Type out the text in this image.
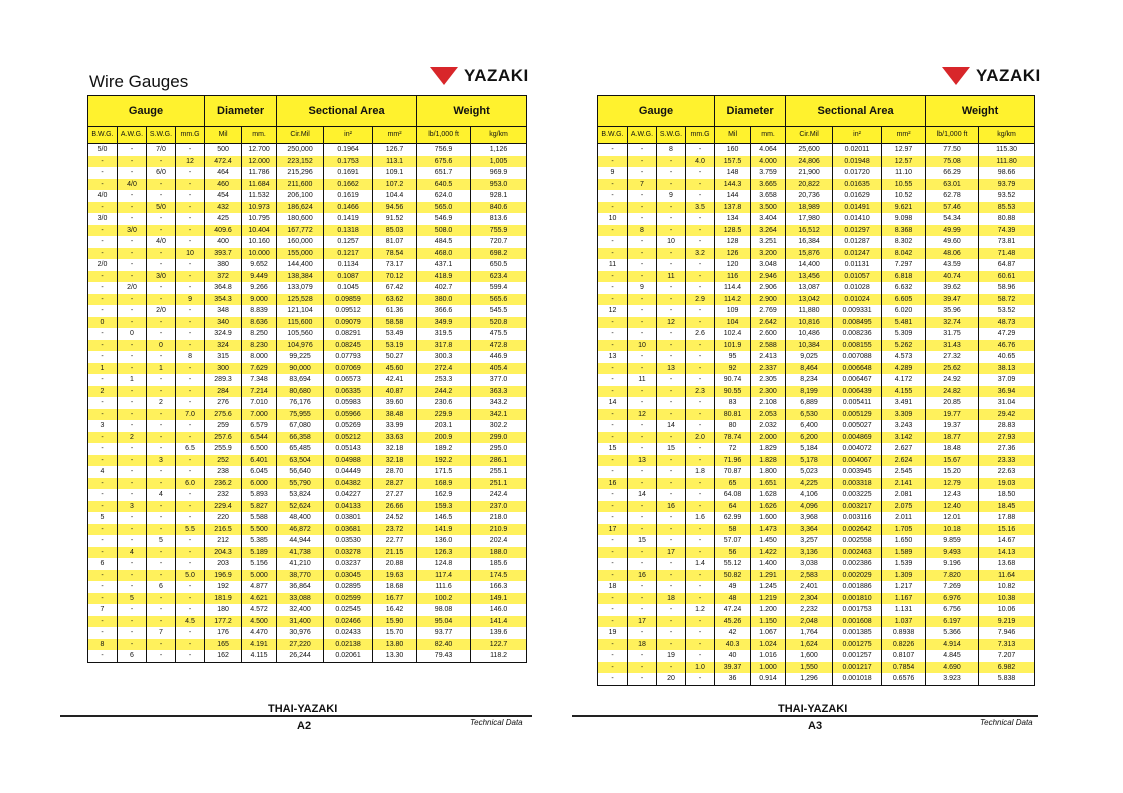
Wire Gauges	YAZAKI
Gauge				Diameter		Sectional Area			Weight	
B.W.G.	A.W.G.	S.W.G.	mm.G	Mil	mm.	Cir.Mil	in²	mm²	lb/1,000 ft	kg/km
5/0	-	7/0	-	500	12.700	250,000	0.1964	126.7	756.9	1,126
-	-	-	12	472.4	12.000	223,152	0.1753	113.1	675.6	1,005
-	-	6/0	-	464	11.786	215,296	0.1691	109.1	651.7	969.9
-	4/0	-	-	460	11.684	211,600	0.1662	107.2	640.5	953.0
4/0	-	-	-	454	11.532	206,100	0.1619	104.4	624.0	928.1
-	-	5/0	-	432	10.973	186,624	0.1466	94.56	565.0	840.6
3/0	-	-	-	425	10.795	180,600	0.1419	91.52	546.9	813.6
-	3/0	-	-	409.6	10.404	167,772	0.1318	85.03	508.0	755.9
-	-	4/0	-	400	10.160	160,000	0.1257	81.07	484.5	720.7
-	-	-	10	393.7	10.000	155,000	0.1217	78.54	468.0	698.2
2/0	-	-	-	380	9.652	144,400	0.1134	73.17	437.1	650.5
-	-	3/0	-	372	9.449	138,384	0.1087	70.12	418.9	623.4
-	2/0	-	-	364.8	9.266	133,079	0.1045	67.42	402.7	599.4
-	-	-	9	354.3	9.000	125,528	0.09859	63.62	380.0	565.6
-	-	2/0	-	348	8.839	121,104	0.09512	61.36	366.6	545.5
0	-	-	-	340	8.636	115,600	0.09079	58.58	349.9	520.8
-	0	-	-	324.9	8.250	105,560	0.08291	53.49	319.5	475.5
-	-	0	-	324	8.230	104,976	0.08245	53.19	317.8	472.8
-	-	-	8	315	8.000	99,225	0.07793	50.27	300.3	446.9
1	-	1	-	300	7.629	90,000	0.07069	45.60	272.4	405.4
-	1	-	-	289.3	7.348	83,694	0.06573	42.41	253.3	377.0
2	-	-	-	284	7.214	80,680	0.06335	40.87	244.2	363.3
-	-	2	-	276	7.010	76,176	0.05983	39.60	230.6	343.2
-	-	-	7.0	275.6	7.000	75,955	0.05966	38.48	229.9	342.1
3	-	-	-	259	6.579	67,080	0.05269	33.99	203.1	302.2
-	2	-	-	257.6	6.544	66,358	0.05212	33.63	200.9	299.0
-	-	-	6.5	255.9	6.500	65,485	0.05143	32.18	189.2	295.0
-	-	3	-	252	6.401	63,504	0.04988	32.18	192.2	286.1
4	-	-	-	238	6.045	56,640	0.04449	28.70	171.5	255.1
-	-	-	6.0	236.2	6.000	55,790	0.04382	28.27	168.9	251.1
-	-	4	-	232	5.893	53,824	0.04227	27.27	162.9	242.4
-	3	-	-	229.4	5.827	52,624	0.04133	26.66	159.3	237.0
5	-	-	-	220	5.588	48,400	0.03801	24.52	146.5	218.0
-	-	-	5.5	216.5	5.500	46,872	0.03681	23.72	141.9	210.9
-	-	5	-	212	5.385	44,944	0.03530	22.77	136.0	202.4
-	4	-	-	204.3	5.189	41,738	0.03278	21.15	126.3	188.0
6	-	-	-	203	5.156	41,210	0.03237	20.88	124.8	185.6
-	-	-	5.0	196.9	5.000	38,770	0.03045	19.63	117.4	174.5
-	-	6	-	192	4.877	36,864	0.02895	18.68	111.6	166.3
-	5	-	-	181.9	4.621	33,088	0.02599	16.77	100.2	149.1
7	-	-	-	180	4.572	32,400	0.02545	16.42	98.08	146.0
-	-	-	4.5	177.2	4.500	31,400	0.02466	15.90	95.04	141.4
-	-	7	-	176	4.470	30,976	0.02433	15.70	93.77	139.6
8	-	-	-	165	4.191	27,220	0.02138	13.80	82.40	122.7
-	6	-	-	162	4.115	26,244	0.02061	13.30	79.43	118.2
THAI-YAZAKI
A2	Technical Data
YAZAKI
Gauge				Diameter		Sectional Area			Weight	
B.W.G.	A.W.G.	S.W.G.	mm.G	Mil	mm.	Cir.Mil	in²	mm²	lb/1,000 ft	kg/km
-	-	8	-	160	4.064	25,600	0.02011	12.97	77.50	115.30
-	-	-	4.0	157.5	4.000	24,806	0.01948	12.57	75.08	111.80
9	-	-	-	148	3.759	21,900	0.01720	11.10	66.29	98.66
-	7	-	-	144.3	3.665	20,822	0.01635	10.55	63.01	93.79
-	-	9	-	144	3.658	20,736	0.01629	10.52	62.78	93.52
-	-	-	3.5	137.8	3.500	18,989	0.01491	9.621	57.46	85.53
10	-	-	-	134	3.404	17,980	0.01410	9.098	54.34	80.88
-	8	-	-	128.5	3.264	16,512	0.01297	8.368	49.99	74.39
-	-	10	-	128	3.251	16,384	0.01287	8.302	49.60	73.81
-	-	-	3.2	126	3.200	15,876	0.01247	8.042	48.06	71.48
11	-	-	-	120	3.048	14,400	0.01131	7.297	43.59	64.87
-	-	11	-	116	2.946	13,456	0.01057	6.818	40.74	60.61
-	9	-	-	114.4	2.906	13,087	0.01028	6.632	39.62	58.96
-	-	-	2.9	114.2	2.900	13,042	0.01024	6.605	39.47	58.72
12	-	-	-	109	2.769	11,880	0.009331	6.020	35.96	53.52
-	-	12	-	104	2.642	10,816	0.008495	5.481	32.74	48.73
-	-	-	2.6	102.4	2.600	10,486	0.008236	5.309	31.75	47.29
-	10	-	-	101.9	2.588	10,384	0.008155	5.262	31.43	46.76
13	-	-	-	95	2.413	9,025	0.007088	4.573	27.32	40.65
-	-	13	-	92	2.337	8,464	0.006648	4.289	25.62	38.13
-	11	-	-	90.74	2.305	8,234	0.006467	4.172	24.92	37.09
-	-	-	2.3	90.55	2.300	8,199	0.006439	4.155	24.82	36.94
14	-	-	-	83	2.108	6,889	0.005411	3.491	20.85	31.04
-	12	-	-	80.81	2.053	6,530	0.005129	3.309	19.77	29.42
-	-	14	-	80	2.032	6,400	0.005027	3.243	19.37	28.83
-	-	-	2.0	78.74	2.000	6,200	0.004869	3.142	18.77	27.93
15	-	15	-	72	1.829	5,184	0.004072	2.627	18.48	27.36
-	13	-	-	71.96	1.828	5,178	0.004067	2.624	15.67	23.33
-	-	-	1.8	70.87	1.800	5,023	0.003945	2.545	15.20	22.63
16	-	-	-	65	1.651	4,225	0.003318	2.141	12.79	19.03
-	14	-	-	64.08	1.628	4,106	0.003225	2.081	12.43	18.50
-	-	16	-	64	1.626	4,096	0.003217	2.075	12.40	18.45
-	-	-	1.6	62.99	1.600	3,968	0.003116	2.011	12.01	17.88
17	-	-	-	58	1.473	3,364	0.002642	1.705	10.18	15.16
-	15	-	-	57.07	1.450	3,257	0.002558	1.650	9.859	14.67
-	-	17	-	56	1.422	3,136	0.002463	1.589	9.493	14.13
-	-	-	1.4	55.12	1.400	3,038	0.002386	1.539	9.196	13.68
-	16	-	-	50.82	1.291	2,583	0.002029	1.309	7.820	11.64
18	-	-	-	49	1.245	2,401	0.001886	1.217	7.269	10.82
-	-	18	-	48	1.219	2,304	0.001810	1.167	6.976	10.38
-	-	-	1.2	47.24	1.200	2,232	0.001753	1.131	6.756	10.06
-	17	-	-	45.26	1.150	2,048	0.001608	1.037	6.197	9.219
19	-	-	-	42	1.067	1,764	0.001385	0.8938	5.366	7.946
-	18	-	-	40.3	1.024	1,624	0.001275	0.8226	4.914	7.313
-	-	19	-	40	1.016	1,600	0.001257	0.8107	4.845	7.207
-	-	-	1.0	39.37	1.000	1,550	0.001217	0.7854	4.690	6.982
-	-	20	-	36	0.914	1,296	0.001018	0.6576	3.923	5.838
THAI-YAZAKI
A3	Technical Data
